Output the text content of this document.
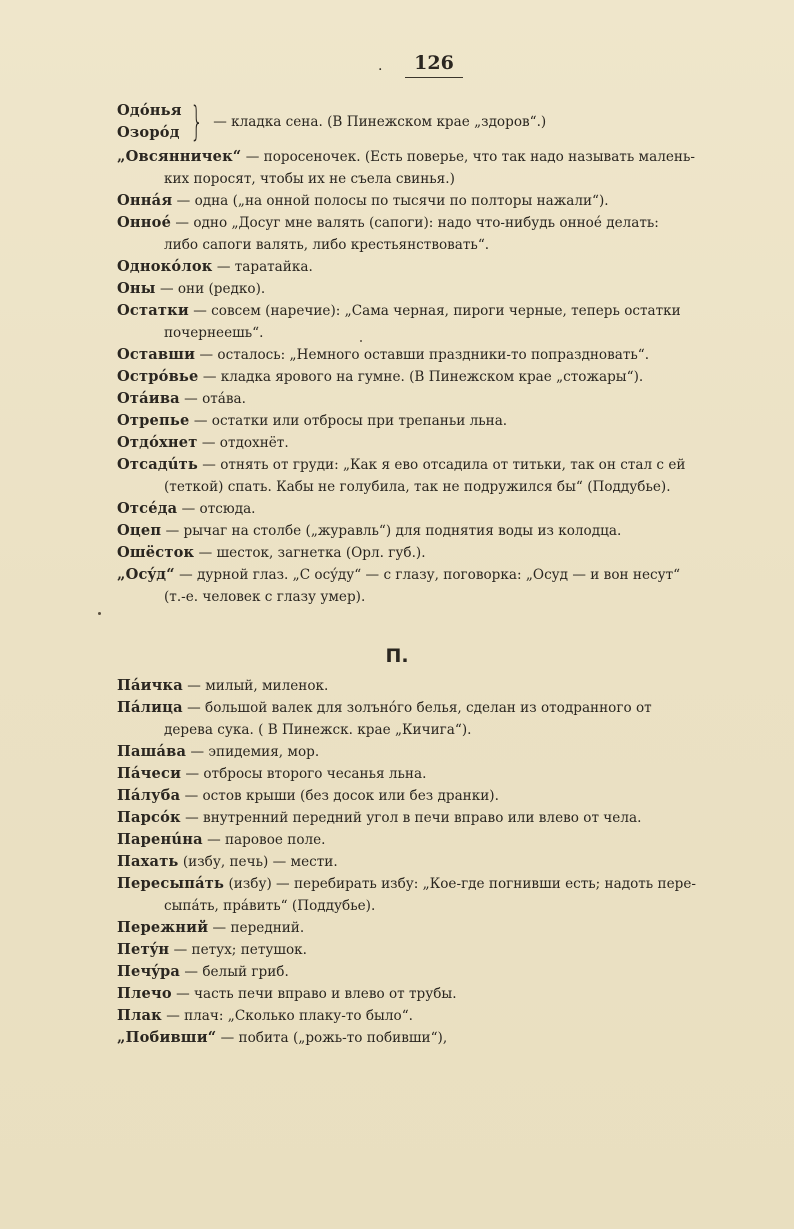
.	126
Одóнья
Озорóд } — кладка сена. (В Пинежском крае „здоров“.)
„Овсянничек“ — поросеночек. (Есть поверье, что так надо называть малень-
ких поросят, чтобы их не съела свинья.)
Оннáя — одна („на онной полосы по тысячи по полторы нажали“).
Онноé — одно „Досуг мне валять (сапоги): надо что-нибудь онноé делать:
либо сапоги валять, либо крестьянствовать“.
Однокóлок — таратайка.
Оны — они (редко).
Остатки — совсем (наречие): „Сама черная, пироги черные, теперь остатки
почернеешь“.
Оставши — осталось: „Немного оставши праздники-то попраздновать“.
Острóвье — кладка ярового на гумне. (В Пинежском крае „стожары“).
Отáива — отáва.
Отрепье — остатки или отбросы при трепаньи льна.
Отдóхнет — отдохнёт.
Отсадúть — отнять от груди: „Как я ево отсадила от титьки, так он стал с ей
(теткой) спать. Кабы не голубила, так не подружился бы“ (Поддубье).
Отсéда — отсюда.
Оцеп — рычаг на столбе („журавль“) для поднятия воды из колодца.
Ошёсток — шесток, загнетка (Орл. губ.).
„Осýд“ — дурной глаз. „С осýду“ — с глазу, поговорка: „Осуд — и вон несут“
(т.-е. человек с глазу умер).
П.
Пáичка — милый, миленок.
Пáлица — большой валек для золънóго белья, сделан из отодранного от
дерева сука. ( В Пинежск. крае „Кичига“).
Пашáва — эпидемия, мор.
Пáчеси — отбросы второго чесанья льна.
Пáлуба — остов крыши (без досок или без дранки).
Парсóк — внутренний передний угол в печи вправо или влево от чела.
Паренúна — паровое поле.
Пахать (избу, печь) — мести.
Пересыпáть (избу) — перебирать избу: „Кое-где погнивши есть; надоть пере-
сыпáть, прáвить“ (Поддубье).
Пережний — передний.
Петýн — петух; петушок.
Печýра — белый гриб.
Плечо — часть печи вправо и влево от трубы.
Плак — плач: „Сколько плаку-то было“.
„Побивши“ — побита („рожь-то побивши“),
